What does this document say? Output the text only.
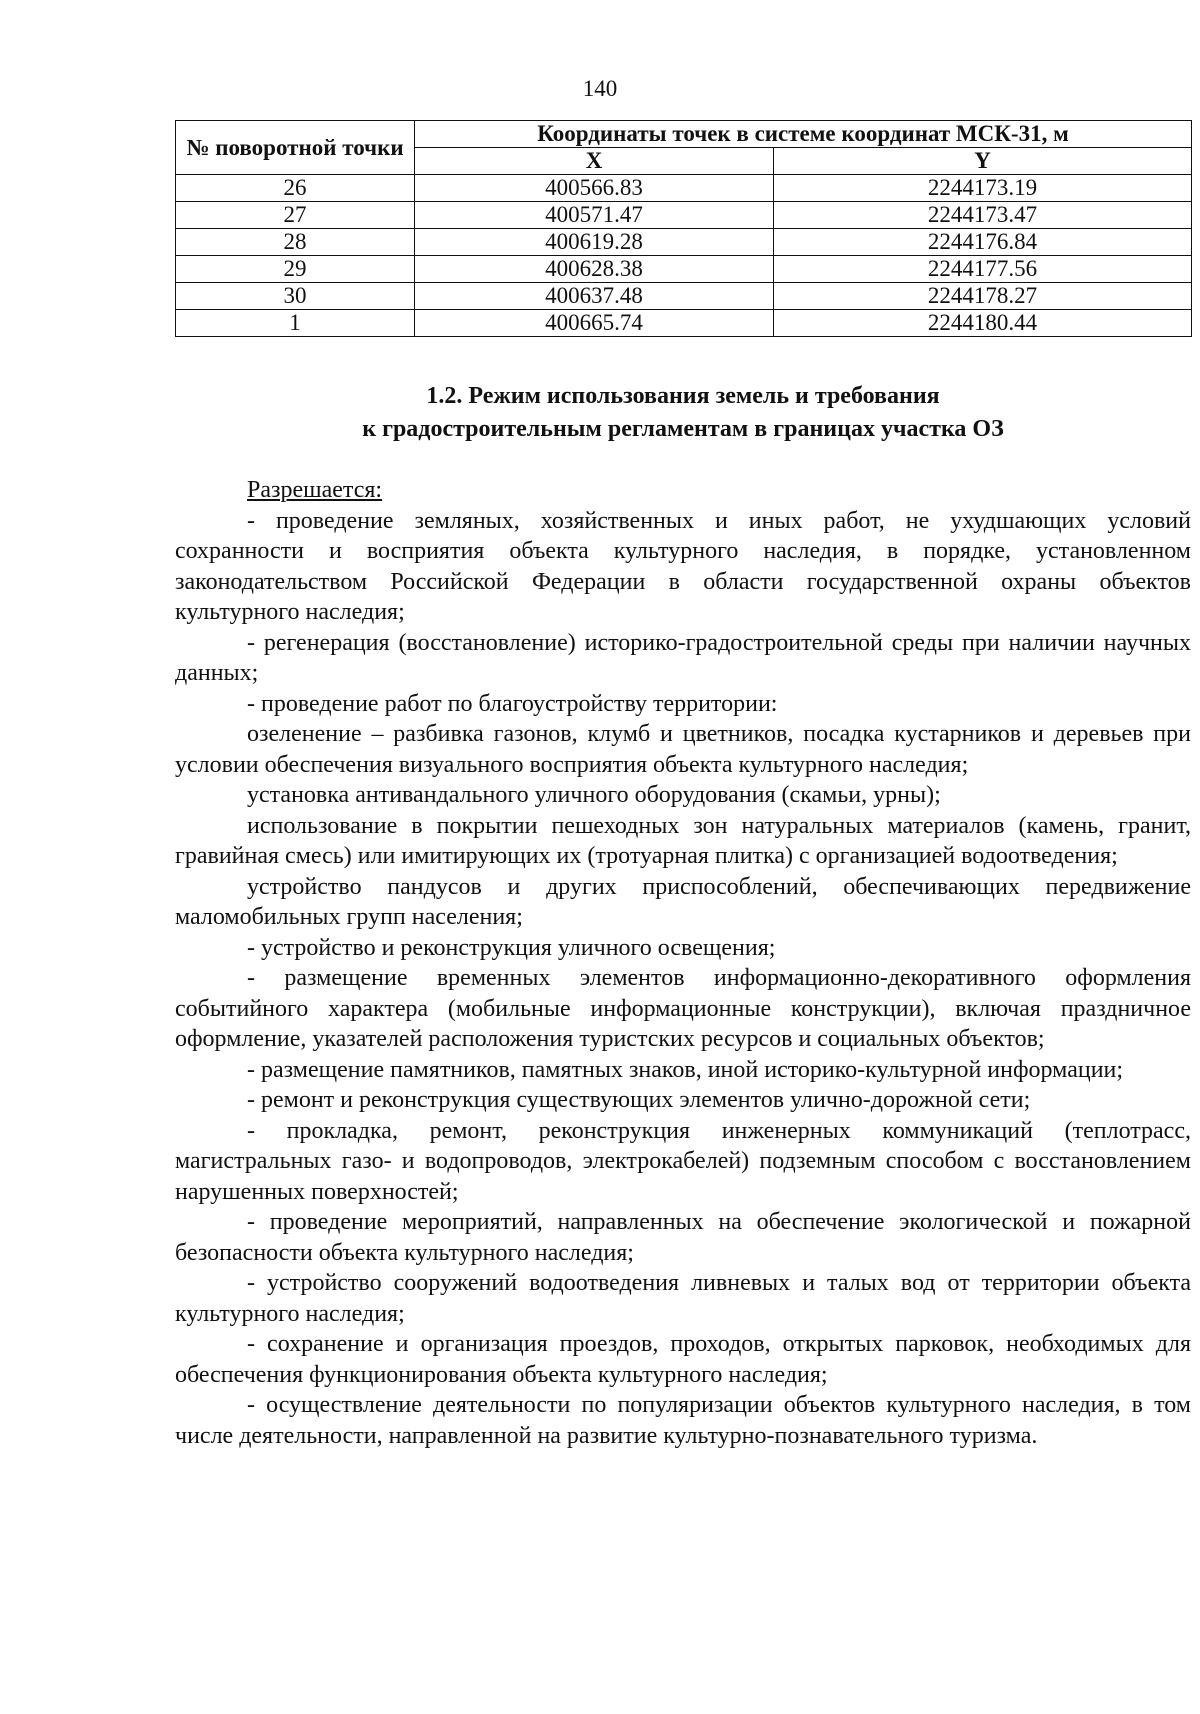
140
№ поворотной точки	Координаты точек в системе координат МСК-31, м	
	X	Y
26	400566.83	2244173.19
27	400571.47	2244173.47
28	400619.28	2244176.84
29	400628.38	2244177.56
30	400637.48	2244178.27
1	400665.74	2244180.44
1.2. Режим использования земель и требования
к градостроительным регламентам в границах участка ОЗ

Разрешается:

- проведение земляных, хозяйственных и иных работ, не ухудшающих условий сохранности и восприятия объекта культурного наследия, в порядке, установленном законодательством Российской Федерации в области государственной охраны объектов культурного наследия;

- регенерация (восстановление) историко-градостроительной среды при наличии научных данных;

- проведение работ по благоустройству территории:

озеленение – разбивка газонов, клумб и цветников, посадка кустарников и деревьев при условии обеспечения визуального восприятия объекта культурного наследия;

установка антивандального уличного оборудования (скамьи, урны);

использование в покрытии пешеходных зон натуральных материалов (камень, гранит, гравийная смесь) или имитирующих их (тротуарная плитка) с организацией водоотведения;

устройство пандусов и других приспособлений, обеспечивающих передвижение маломобильных групп населения;

- устройство и реконструкция уличного освещения;

- размещение временных элементов информационно-декоративного оформления событийного характера (мобильные информационные конструкции), включая праздничное оформление, указателей расположения туристских ресурсов и социальных объектов;

- размещение памятников, памятных знаков, иной историко-культурной информации;

- ремонт и реконструкция существующих элементов улично-дорожной сети;

- прокладка, ремонт, реконструкция инженерных коммуникаций (теплотрасс, магистральных газо- и водопроводов, электрокабелей) подземным способом с восстановлением нарушенных поверхностей;

- проведение мероприятий, направленных на обеспечение экологической и пожарной безопасности объекта культурного наследия;

- устройство сооружений водоотведения ливневых и талых вод от территории объекта культурного наследия;

- сохранение и организация проездов, проходов, открытых парковок, необходимых для обеспечения функционирования объекта культурного наследия;

- осуществление деятельности по популяризации объектов культурного наследия, в том числе деятельности, направленной на развитие культурно-познавательного туризма.
